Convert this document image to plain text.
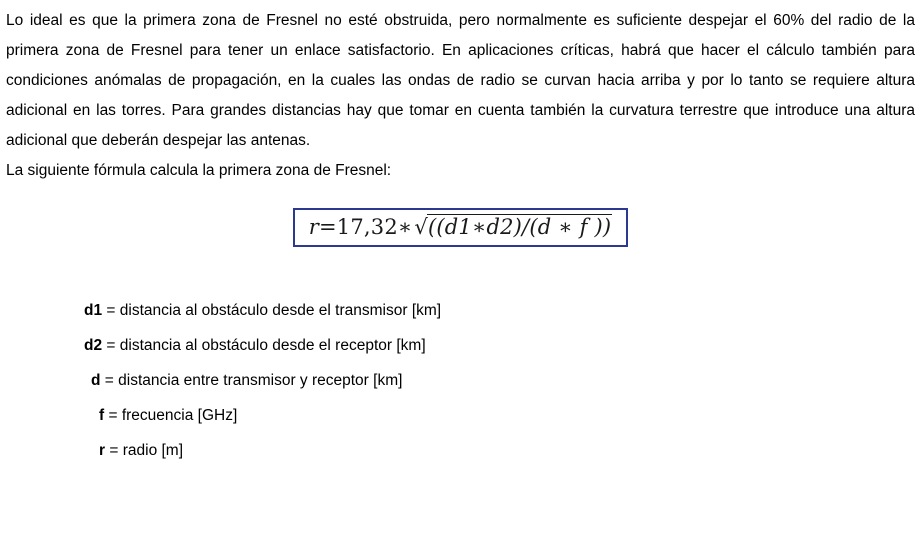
Lo ideal es que la primera zona de Fresnel no esté obstruida, pero normalmente es suficiente despejar el 60% del radio de la primera zona de Fresnel para tener un enlace satisfactorio. En aplicaciones críticas, habrá que hacer el cálculo también para condiciones anómalas de propagación, en la cuales las ondas de radio se curvan hacia arriba y por lo tanto se requiere altura adicional en las torres. Para grandes distancias hay que tomar en cuenta también la curvatura terrestre que introduce una altura adicional que deberán despejar las antenas.

La siguiente fórmula calcula la primera zona de Fresnel:

r=17,32∗√((d1∗d2)/(d ∗ f ))
d1 = distancia al obstáculo desde el transmisor [km]
d2 = distancia al obstáculo desde el receptor [km]
d = distancia entre transmisor y receptor [km]
f = frecuencia [GHz]
r = radio [m]
